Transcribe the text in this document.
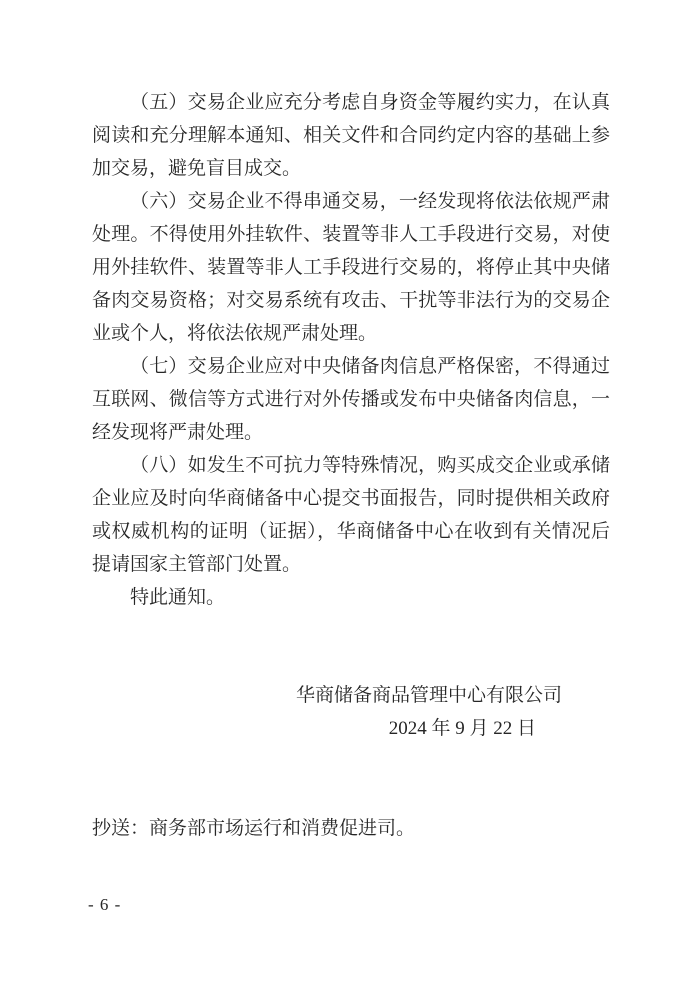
（五）交易企业应充分考虑自身资金等履约实力，在认真阅读和充分理解本通知、相关文件和合同约定内容的基础上参加交易，避免盲目成交。

（六）交易企业不得串通交易，一经发现将依法依规严肃处理。不得使用外挂软件、装置等非人工手段进行交易，对使用外挂软件、装置等非人工手段进行交易的，将停止其中央储备肉交易资格；对交易系统有攻击、干扰等非法行为的交易企业或个人，将依法依规严肃处理。

（七）交易企业应对中央储备肉信息严格保密，不得通过互联网、微信等方式进行对外传播或发布中央储备肉信息，一经发现将严肃处理。

（八）如发生不可抗力等特殊情况，购买成交企业或承储企业应及时向华商储备中心提交书面报告，同时提供相关政府或权威机构的证明（证据），华商储备中心在收到有关情况后提请国家主管部门处置。

特此通知。

华商储备商品管理中心有限公司
2024 年 9 月 22 日
抄送：商务部市场运行和消费促进司。
- 6 -
